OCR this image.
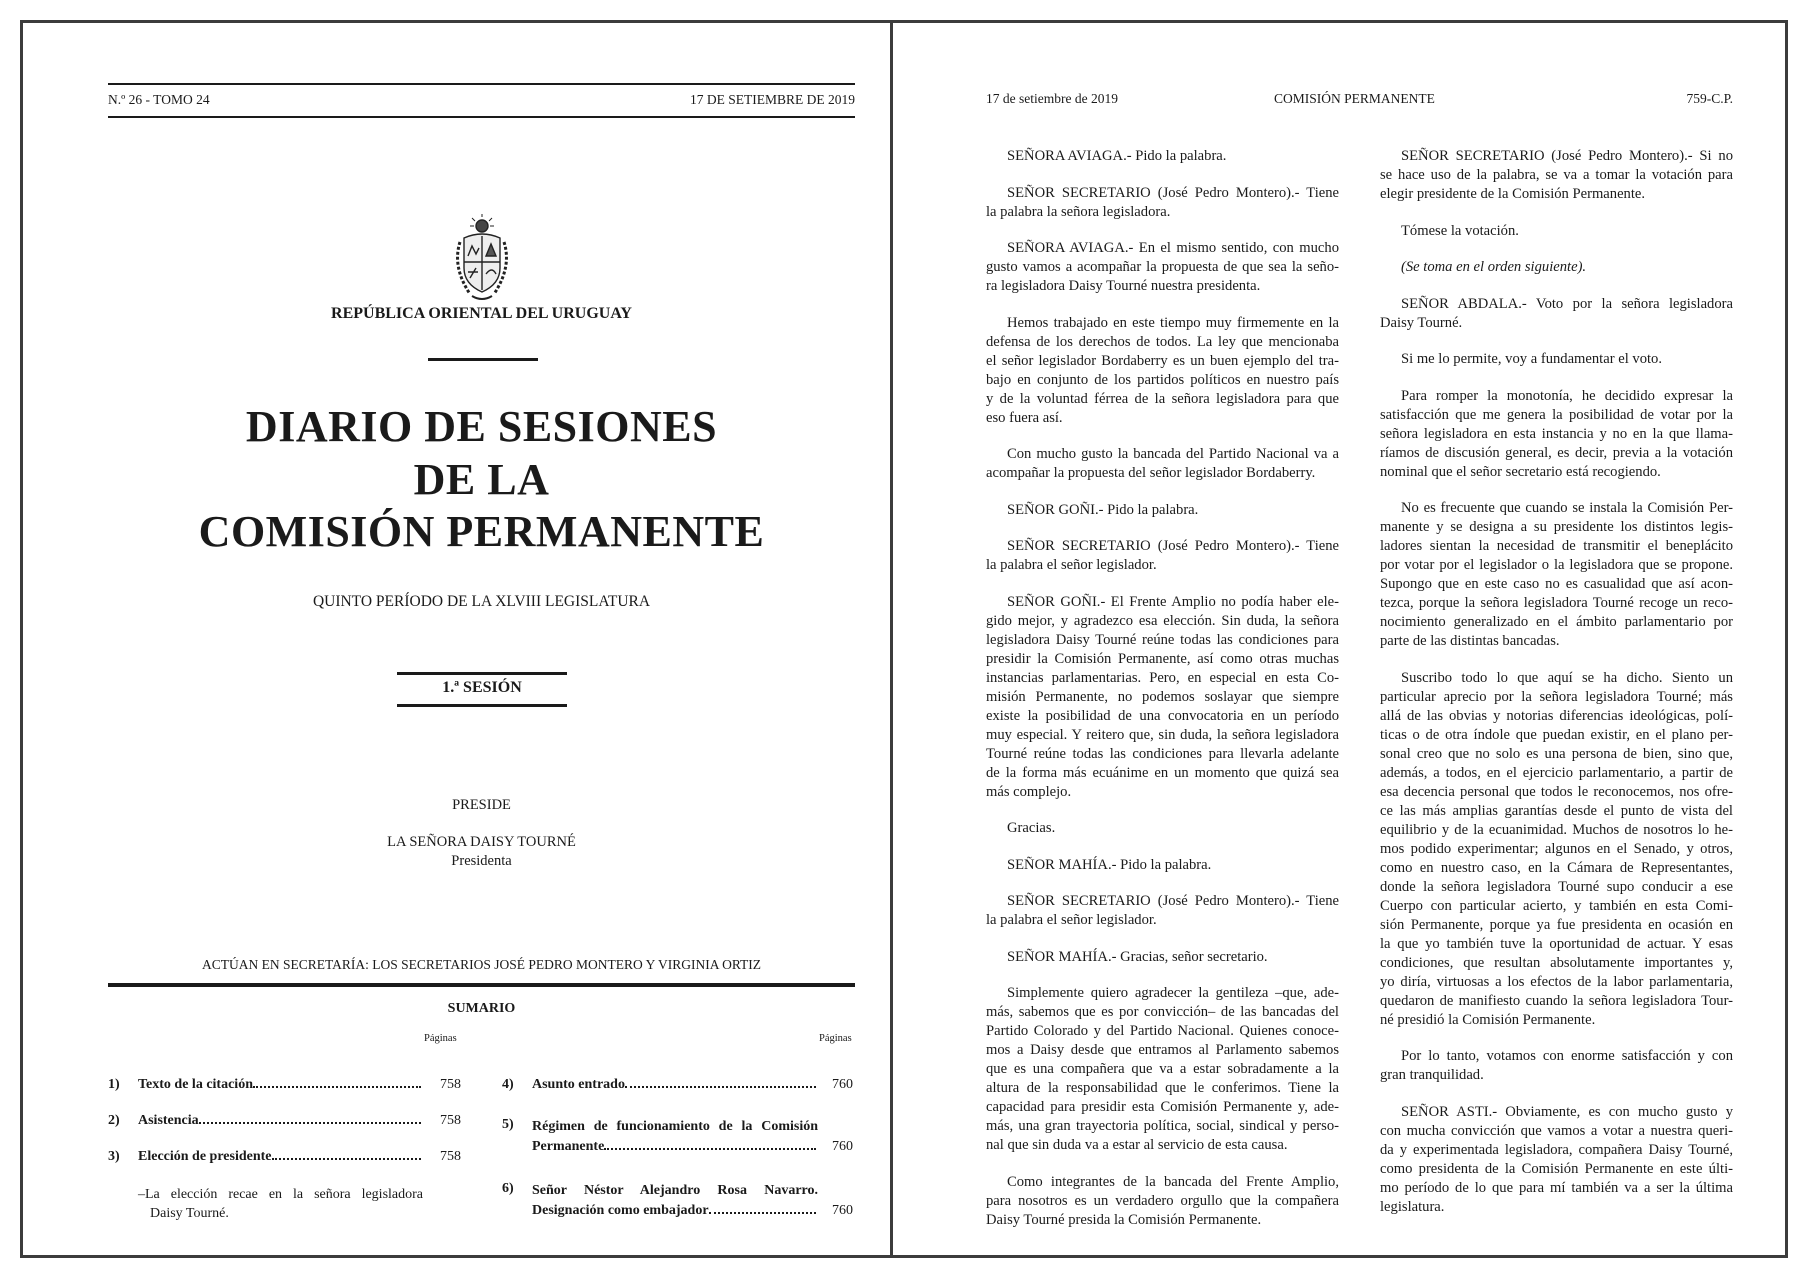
N.º 26 - TOMO 24	17 DE SETIEMBRE DE 2019
REPÚBLICA ORIENTAL DEL URUGUAY
DIARIO DE SESIONES
DE LA
COMISIÓN PERMANENTE
QUINTO PERÍODO DE LA XLVIII LEGISLATURA
1.ª SESIÓN
PRESIDE
LA SEÑORA DAISY TOURNÉ
Presidenta
ACTÚAN EN SECRETARÍA: LOS SECRETARIOS JOSÉ PEDRO MONTERO Y VIRGINIA ORTIZ
SUMARIO
Páginas	Páginas
1) Texto de la citación	758
2) Asistencia	758
3) Elección de presidente	758
–La elección recae en la señora legisladora
Daisy Tourné.
4) Asunto entrado	760
5) Régimen de funcionamiento de la Comisión
Permanente	760
6) Señor Néstor Alejandro Rosa Navarro.
Designación como embajador	760
17 de setiembre de 2019	COMISIÓN PERMANENTE	759-C.P.
SEÑORA AVIAGA.- Pido la palabra.
SEÑOR SECRETARIO (José Pedro Montero).- Tiene
la palabra la señora legisladora.
SEÑORA AVIAGA.- En el mismo sentido, con mucho
gusto vamos a acompañar la propuesta de que sea la seño-
ra legisladora Daisy Tourné nuestra presidenta.
Hemos trabajado en este tiempo muy firmemente en la
defensa de los derechos de todos. La ley que mencionaba
el señor legislador Bordaberry es un buen ejemplo del tra-
bajo en conjunto de los partidos políticos en nuestro país
y de la voluntad férrea de la señora legisladora para que
eso fuera así.
Con mucho gusto la bancada del Partido Nacional va a
acompañar la propuesta del señor legislador Bordaberry.
SEÑOR GOÑI.- Pido la palabra.
SEÑOR SECRETARIO (José Pedro Montero).- Tiene
la palabra el señor legislador.
SEÑOR GOÑI.- El Frente Amplio no podía haber ele-
gido mejor, y agradezco esa elección. Sin duda, la señora
legisladora Daisy Tourné reúne todas las condiciones para
presidir la Comisión Permanente, así como otras muchas
instancias parlamentarias. Pero, en especial en esta Co-
misión Permanente, no podemos soslayar que siempre
existe la posibilidad de una convocatoria en un período
muy especial. Y reitero que, sin duda, la señora legisladora
Tourné reúne todas las condiciones para llevarla adelante
de la forma más ecuánime en un momento que quizá sea
más complejo.
Gracias.
SEÑOR MAHÍA.- Pido la palabra.
SEÑOR SECRETARIO (José Pedro Montero).- Tiene
la palabra el señor legislador.
SEÑOR MAHÍA.- Gracias, señor secretario.
Simplemente quiero agradecer la gentileza –que, ade-
más, sabemos que es por convicción– de las bancadas del
Partido Colorado y del Partido Nacional. Quienes conoce-
mos a Daisy desde que entramos al Parlamento sabemos
que es una compañera que va a estar sobradamente a la
altura de la responsabilidad que le conferimos. Tiene la
capacidad para presidir esta Comisión Permanente y, ade-
más, una gran trayectoria política, social, sindical y perso-
nal que sin duda va a estar al servicio de esta causa.
Como integrantes de la bancada del Frente Amplio,
para nosotros es un verdadero orgullo que la compañera
Daisy Tourné presida la Comisión Permanente.
SEÑOR SECRETARIO (José Pedro Montero).- Si no
se hace uso de la palabra, se va a tomar la votación para
elegir presidente de la Comisión Permanente.
Tómese la votación.
(Se toma en el orden siguiente).
SEÑOR ABDALA.- Voto por la señora legisladora
Daisy Tourné.
Si me lo permite, voy a fundamentar el voto.
Para romper la monotonía, he decidido expresar la
satisfacción que me genera la posibilidad de votar por la
señora legisladora en esta instancia y no en la que llama-
ríamos de discusión general, es decir, previa a la votación
nominal que el señor secretario está recogiendo.
No es frecuente que cuando se instala la Comisión Per-
manente y se designa a su presidente los distintos legis-
ladores sientan la necesidad de transmitir el beneplácito
por votar por el legislador o la legisladora que se propone.
Supongo que en este caso no es casualidad que así acon-
tezca, porque la señora legisladora Tourné recoge un reco-
nocimiento generalizado en el ámbito parlamentario por
parte de las distintas bancadas.
Suscribo todo lo que aquí se ha dicho. Siento un
particular aprecio por la señora legisladora Tourné; más
allá de las obvias y notorias diferencias ideológicas, polí-
ticas o de otra índole que puedan existir, en el plano per-
sonal creo que no solo es una persona de bien, sino que,
además, a todos, en el ejercicio parlamentario, a partir de
esa decencia personal que todos le reconocemos, nos ofre-
ce las más amplias garantías desde el punto de vista del
equilibrio y de la ecuanimidad. Muchos de nosotros lo he-
mos podido experimentar; algunos en el Senado, y otros,
como en nuestro caso, en la Cámara de Representantes,
donde la señora legisladora Tourné supo conducir a ese
Cuerpo con particular acierto, y también en esta Comi-
sión Permanente, porque ya fue presidenta en ocasión en
la que yo también tuve la oportunidad de actuar. Y esas
condiciones, que resultan absolutamente importantes y,
yo diría, virtuosas a los efectos de la labor parlamentaria,
quedaron de manifiesto cuando la señora legisladora Tour-
né presidió la Comisión Permanente.
Por lo tanto, votamos con enorme satisfacción y con
gran tranquilidad.
SEÑOR ASTI.- Obviamente, es con mucho gusto y
con mucha convicción que vamos a votar a nuestra queri-
da y experimentada legisladora, compañera Daisy Tourné,
como presidenta de la Comisión Permanente en este últi-
mo período de lo que para mí también va a ser la última
legislatura.
